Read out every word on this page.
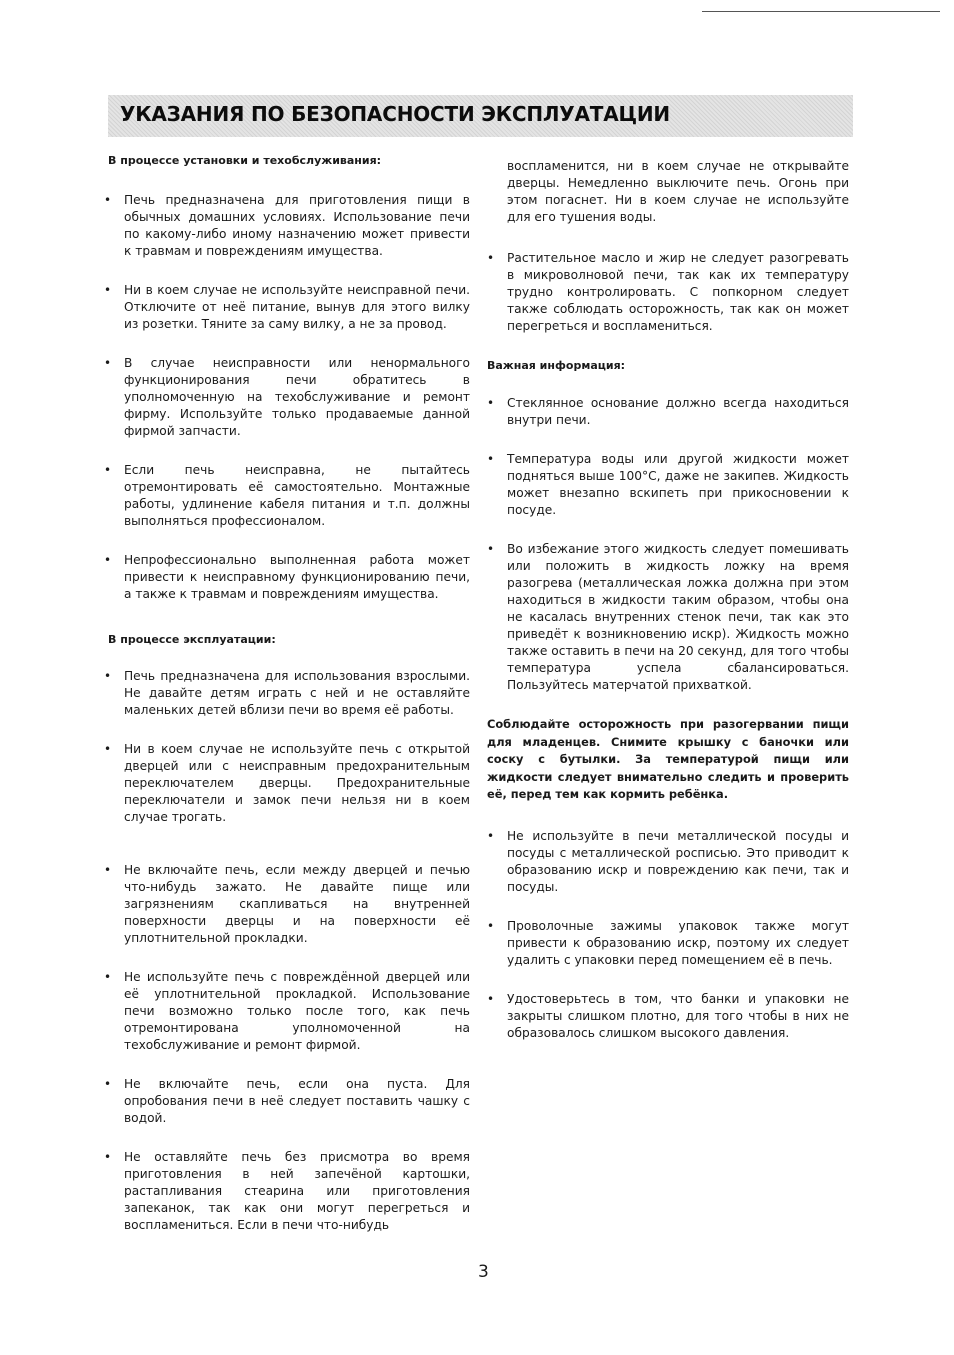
УКАЗАНИЯ ПО БЕЗОПАСНОСТИ ЭКСПЛУАТАЦИИ
В процессе установки и техобслуживания:
• Печь предназначена для приготовления пищи в обычных домашних условиях. Использование печи по какому-либо иному назначению может привести к травмам и повреждениям имущества.
• Ни в коем случае не используйте неисправной печи. Отключите от неё питание, вынув для этого вилку из розетки. Тяните за саму вилку, а не за провод.
• В случае неисправности или ненормального функционирования печи обратитесь в уполномоченную на техобслуживание и ремонт фирму. Используйте только продаваемые данной фирмой запчасти.
• Если печь неисправна, не пытайтесь отремонтировать её самостоятельно. Монтажные работы, удлинение кабеля питания и т.п. должны выполняться профессионалом.
• Непрофессионально выполненная работа может привести к неисправному функционированию печи, а также к травмам и повреждениям имущества.
В процессе эксплуатации:
• Печь предназначена для использования взрослыми. Не давайте детям играть с ней и не оставляйте маленьких детей вблизи печи во время её работы.
• Ни в коем случае не используйте печь с открытой дверцей или с неисправным предохранительным переключателем дверцы. Предохранительные переключатели и замок печи нельзя ни в коем случае трогать.
• Не включайте печь, если между дверцей и печью что-нибудь зажато. Не давайте пище или загрязнениям скапливаться на внутренней поверхности дверцы и на поверхности её уплотнительной прокладки.
• Не используйте печь с повреждённой дверцей или её уплотнительной прокладкой. Использование печи возможно только после того, как печь отремонтирована уполномоченной на техобслуживание и ремонт фирмой.
• Не включайте печь, если она пуста. Для опробования печи в неё следует поставить чашку с водой.
• Не оставляйте печь без присмотра во время приготовления в ней запечёной картошки, растапливания стеарина или приготовления запеканок, так как они могут перегреться и воспламениться. Если в печи что-нибудь
воспламенится, ни в коем случае не открывайте дверцы. Немедленно выключите печь. Огонь при этом погаснет. Ни в коем случае не используйте для его тушения воды.
• Растительное масло и жир не следует разогревать в микроволновой печи, так как их температуру трудно контролировать. С попкорном следует также соблюдать осторожность, так как он может перегреться и воспламениться.
Важная информация:
• Стеклянное основание должно всегда находиться внутри печи.
• Температура воды или другой жидкости может подняться выше 100°С, даже не закипев. Жидкость может внезапно вскипеть при прикосновении к посуде.
• Во избежание этого жидкость следует помешивать или положить в жидкость ложку на время разогрева (металлическая ложка должна при этом находиться в жидкости таким образом, чтобы она не касалась внутренних стенок печи, так как это приведёт к возникновению искр). Жидкость можно также оставить в печи на 20 секунд, для того чтобы температура успела сбалансироваться. Пользуйтесь матерчатой прихваткой.
Соблюдайте осторожность при разогервании пищи для младенцев. Снимите крышку с баночки или соску с бутылки. За температурой пищи или жидкости следует внимательно следить и проверить её, перед тем как кормить ребёнка.
• Не используйте в печи металлической посуды и посуды с металлической росписью. Это приводит к образованию искр и повреждению как печи, так и посуды.
• Проволочные зажимы упаковок также могут привести к образованию искр, поэтому их следует удалить с упаковки перед помещением её в печь.
• Удостоверьтесь в том, что банки и упаковки не закрыты слишком плотно, для того чтобы в них не образовалось слишком высокого давления.
3
